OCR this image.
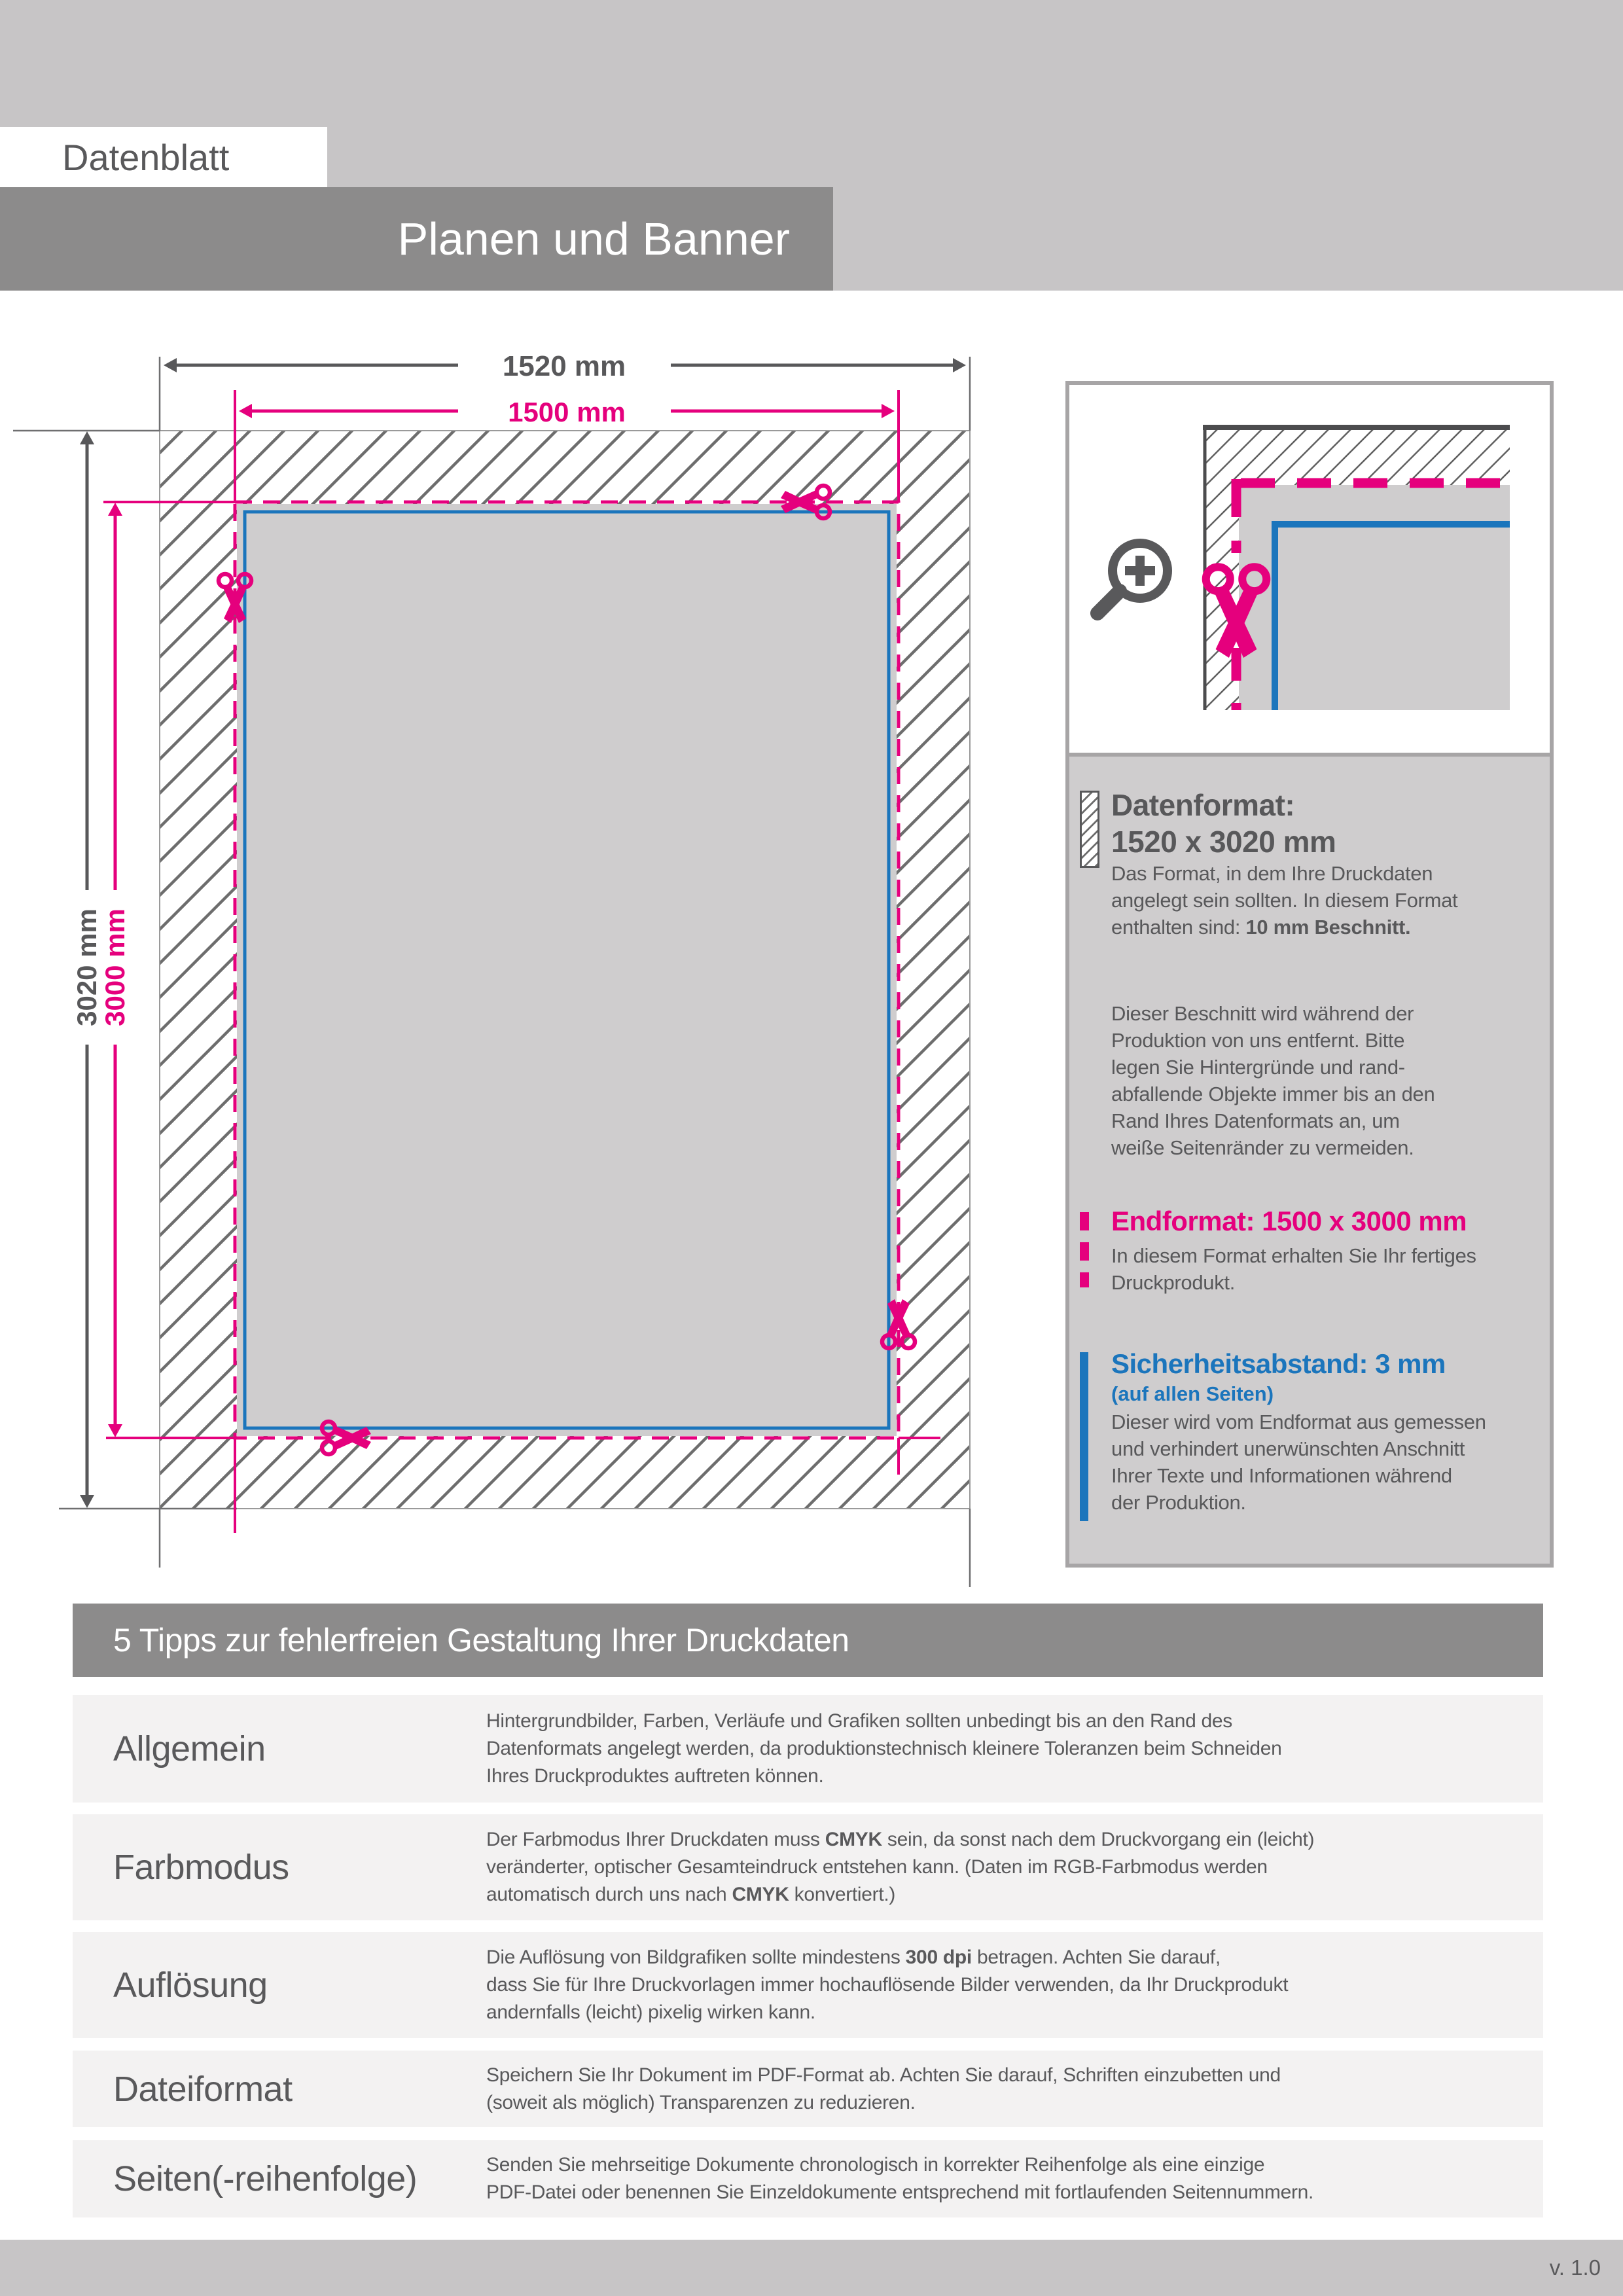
Datenblatt
Planen und Banner
1520 mm
1500 mm
3020 mm
3000 mm
Datenformat:
1520 x 3020 mm
Das Format, in dem Ihre Druckdaten
angelegt sein sollten. In diesem Format
enthalten sind: 10 mm Beschnitt.
Dieser Beschnitt wird während der
Produktion von uns entfernt. Bitte
legen Sie Hintergründe und rand-
abfallende Objekte immer bis an den
Rand Ihres Datenformats an, um
weiße Seitenränder zu vermeiden.
Endformat: 1500 x 3000 mm
In diesem Format erhalten Sie Ihr fertiges
Druckprodukt.
Sicherheitsabstand: 3 mm
(auf allen Seiten)
Dieser wird vom Endformat aus gemessen
und verhindert unerwünschten Anschnitt
Ihrer Texte und Informationen während
der Produktion.
5 Tipps zur fehlerfreien Gestaltung Ihrer Druckdaten
Allgemein
Hintergrundbilder, Farben, Verläufe und Grafiken sollten unbedingt bis an den Rand des
Datenformats angelegt werden, da produktionstechnisch kleinere Toleranzen beim Schneiden
Ihres Druckproduktes auftreten können.
Farbmodus
Der Farbmodus Ihrer Druckdaten muss CMYK sein, da sonst nach dem Druckvorgang ein (leicht)
veränderter, optischer Gesamteindruck entstehen kann. (Daten im RGB-Farbmodus werden
automatisch durch uns nach CMYK konvertiert.)
Auflösung
Die Auflösung von Bildgrafiken sollte mindestens 300 dpi betragen. Achten Sie darauf,
dass Sie für Ihre Druckvorlagen immer hochauflösende Bilder verwenden, da Ihr Druckprodukt
andernfalls (leicht) pixelig wirken kann.
Dateiformat	Speichern Sie Ihr Dokument im PDF-Format ab. Achten Sie darauf, Schriften einzubetten und
(soweit als möglich) Transparenzen zu reduzieren.
Seiten(-reihenfolge)	Senden Sie mehrseitige Dokumente chronologisch in korrekter Reihenfolge als eine einzige
PDF-Datei oder benennen Sie Einzeldokumente entsprechend mit fortlaufenden Seitennummern.
v. 1.0
